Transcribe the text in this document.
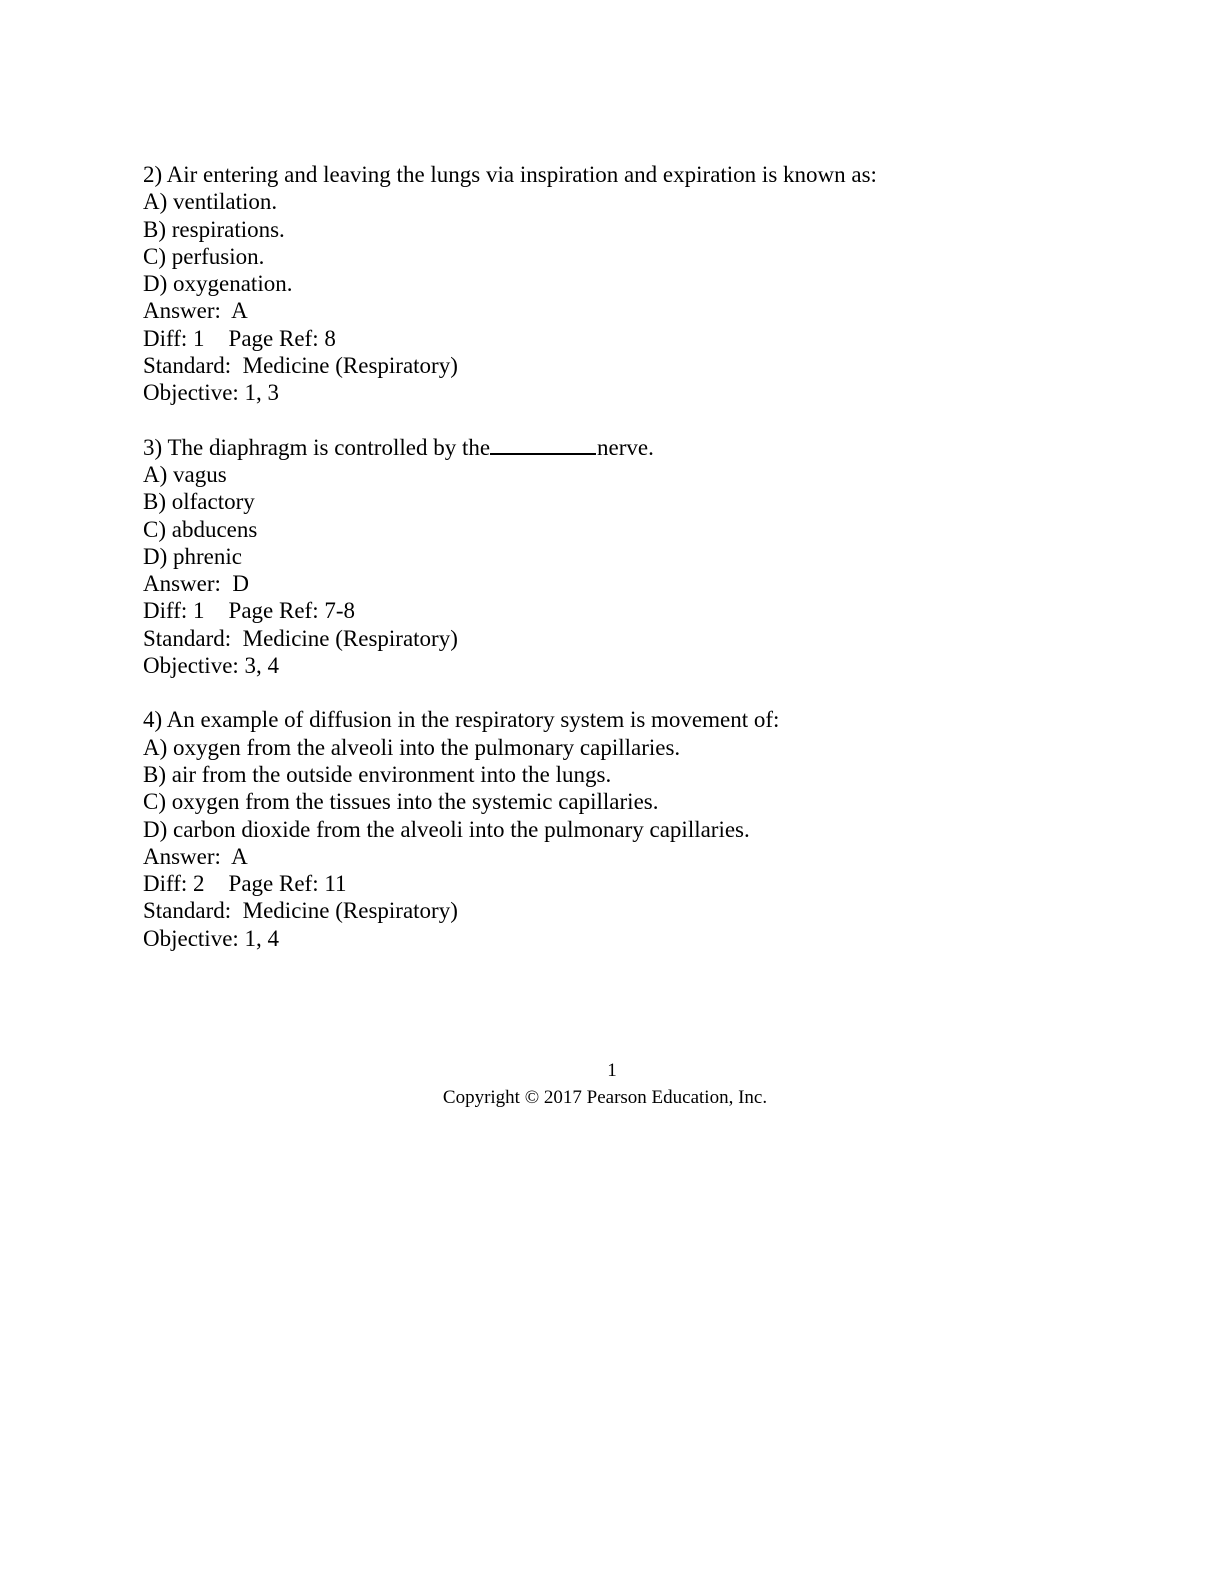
2) Air entering and leaving the lungs via inspiration and expiration is known as:
A) ventilation.
B) respirations.
C) perfusion.
D) oxygenation.
Answer:  A
Diff: 1 Page Ref: 8
Standard:  Medicine (Respiratory)
Objective: 1, 3
3) The diaphragm is controlled by the	nerve.
A) vagus
B) olfactory
C) abducens
D) phrenic
Answer:  D
Diff: 1 Page Ref: 7-8
Standard:  Medicine (Respiratory)
Objective: 3, 4
4) An example of diffusion in the respiratory system is movement of:
A) oxygen from the alveoli into the pulmonary capillaries.
B) air from the outside environment into the lungs.
C) oxygen from the tissues into the systemic capillaries.
D) carbon dioxide from the alveoli into the pulmonary capillaries.
Answer:  A
Diff: 2 Page Ref: 11
Standard:  Medicine (Respiratory)
Objective: 1, 4
1
Copyright © 2017 Pearson Education, Inc.
